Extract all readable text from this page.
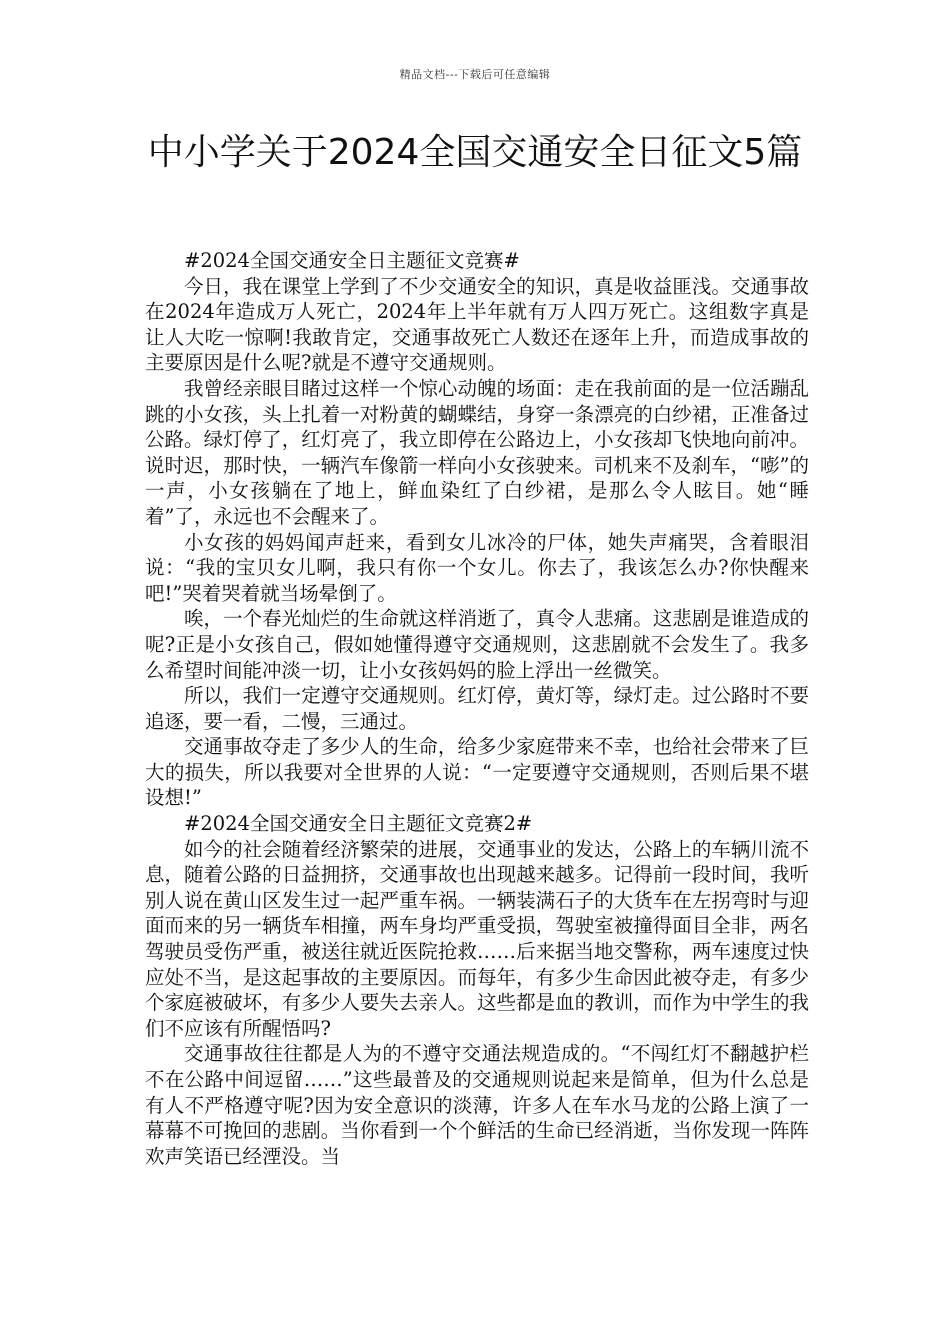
精品文档---下载后可任意编辑
中小学关于2024全国交通安全日征文5篇

#2024全国交通安全日主题征文竞赛#

今日，我在课堂上学到了不少交通安全的知识，真是收益匪浅。交通事故在2024年造成万人死亡，2024年上半年就有万人四万死亡。这组数字真是让人大吃一惊啊!我敢肯定，交通事故死亡人数还在逐年上升，而造成事故的主要原因是什么呢?就是不遵守交通规则。

我曾经亲眼目睹过这样一个惊心动魄的场面：走在我前面的是一位活蹦乱跳的小女孩，头上扎着一对粉黄的蝴蝶结，身穿一条漂亮的白纱裙，正准备过公路。绿灯停了，红灯亮了，我立即停在公路边上，小女孩却飞快地向前冲。说时迟，那时快，一辆汽车像箭一样向小女孩驶来。司机来不及刹车，“嘭”的一声，小女孩躺在了地上，鲜血染红了白纱裙，是那么令人眩目。她“睡着”了，永远也不会醒来了。

小女孩的妈妈闻声赶来，看到女儿冰冷的尸体，她失声痛哭，含着眼泪说：“我的宝贝女儿啊，我只有你一个女儿。你去了，我该怎么办?你快醒来吧!”哭着哭着就当场晕倒了。

唉，一个春光灿烂的生命就这样消逝了，真令人悲痛。这悲剧是谁造成的呢?正是小女孩自己，假如她懂得遵守交通规则，这悲剧就不会发生了。我多么希望时间能冲淡一切，让小女孩妈妈的脸上浮出一丝微笑。

所以，我们一定遵守交通规则。红灯停，黄灯等，绿灯走。过公路时不要追逐，要一看，二慢，三通过。

交通事故夺走了多少人的生命，给多少家庭带来不幸，也给社会带来了巨大的损失，所以我要对全世界的人说：“一定要遵守交通规则，否则后果不堪设想!”

#2024全国交通安全日主题征文竞赛2#

如今的社会随着经济繁荣的进展，交通事业的发达，公路上的车辆川流不息，随着公路的日益拥挤，交通事故也出现越来越多。记得前一段时间，我听别人说在黄山区发生过一起严重车祸。一辆装满石子的大货车在左拐弯时与迎面而来的另一辆货车相撞，两车身均严重受损，驾驶室被撞得面目全非，两名驾驶员受伤严重，被送往就近医院抢救……后来据当地交警称，两车速度过快应处不当，是这起事故的主要原因。而每年，有多少生命因此被夺走，有多少个家庭被破坏，有多少人要失去亲人。这些都是血的教训，而作为中学生的我们不应该有所醒悟吗?

交通事故往往都是人为的不遵守交通法规造成的。“不闯红灯不翻越护栏不在公路中间逗留……”这些最普及的交通规则说起来是简单，但为什么总是有人不严格遵守呢?因为安全意识的淡薄，许多人在车水马龙的公路上演了一幕幕不可挽回的悲剧。当你看到一个个鲜活的生命已经消逝，当你发现一阵阵欢声笑语已经湮没。当
